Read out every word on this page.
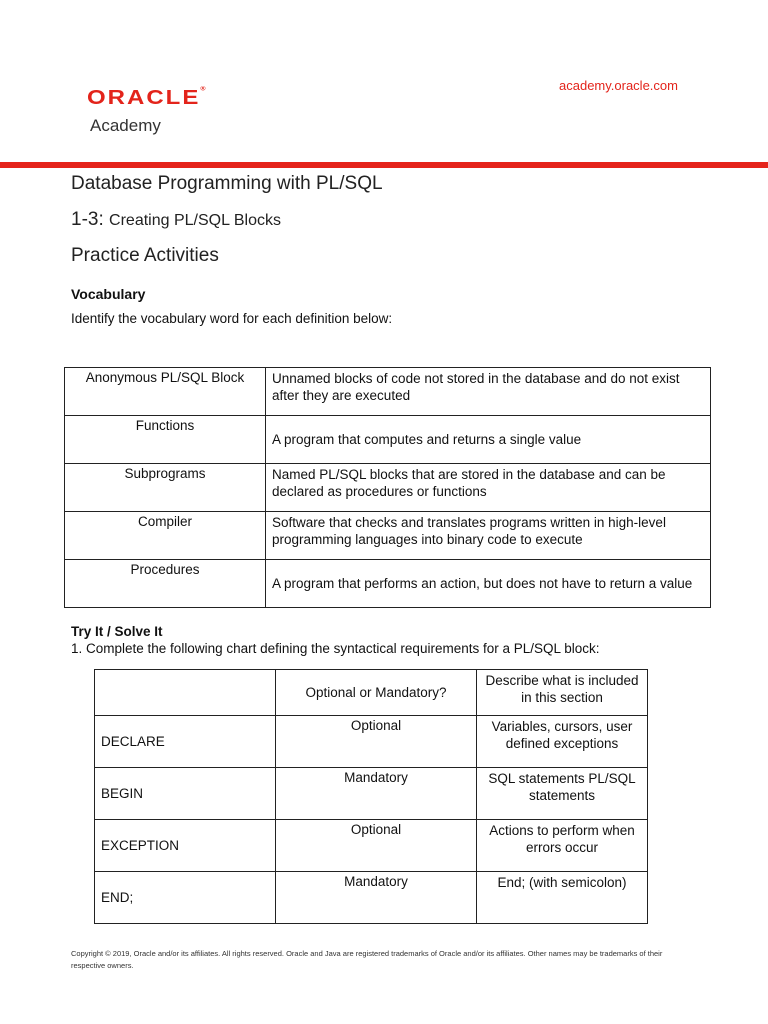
ORACLE®
Academy
academy.oracle.com
Database Programming with PL/SQL
1-3: Creating PL/SQL Blocks
Practice Activities
Vocabulary
Identify the vocabulary word for each definition below:
Anonymous PL/SQL Block	Unnamed blocks of code not stored in the database and do not exist after they are executed
Functions	A program that computes and returns a single value
Subprograms	Named PL/SQL blocks that are stored in the database and can be declared as procedures or functions
Compiler	Software that checks and translates programs written in high-level programming languages into binary code to execute
Procedures	A program that performs an action, but does not have to return a value
Try It / Solve It
1. Complete the following chart defining the syntactical requirements for a PL/SQL block:
	Optional or Mandatory?	Describe what is included in this section
DECLARE	Optional	Variables, cursors, user defined exceptions
BEGIN	Mandatory	SQL statements PL/SQL statements
EXCEPTION	Optional	Actions to perform when errors occur
END;	Mandatory	End; (with semicolon)
Copyright © 2019, Oracle and/or its affiliates. All rights reserved. Oracle and Java are registered trademarks of Oracle and/or its affiliates. Other names may be trademarks of their respective owners.
